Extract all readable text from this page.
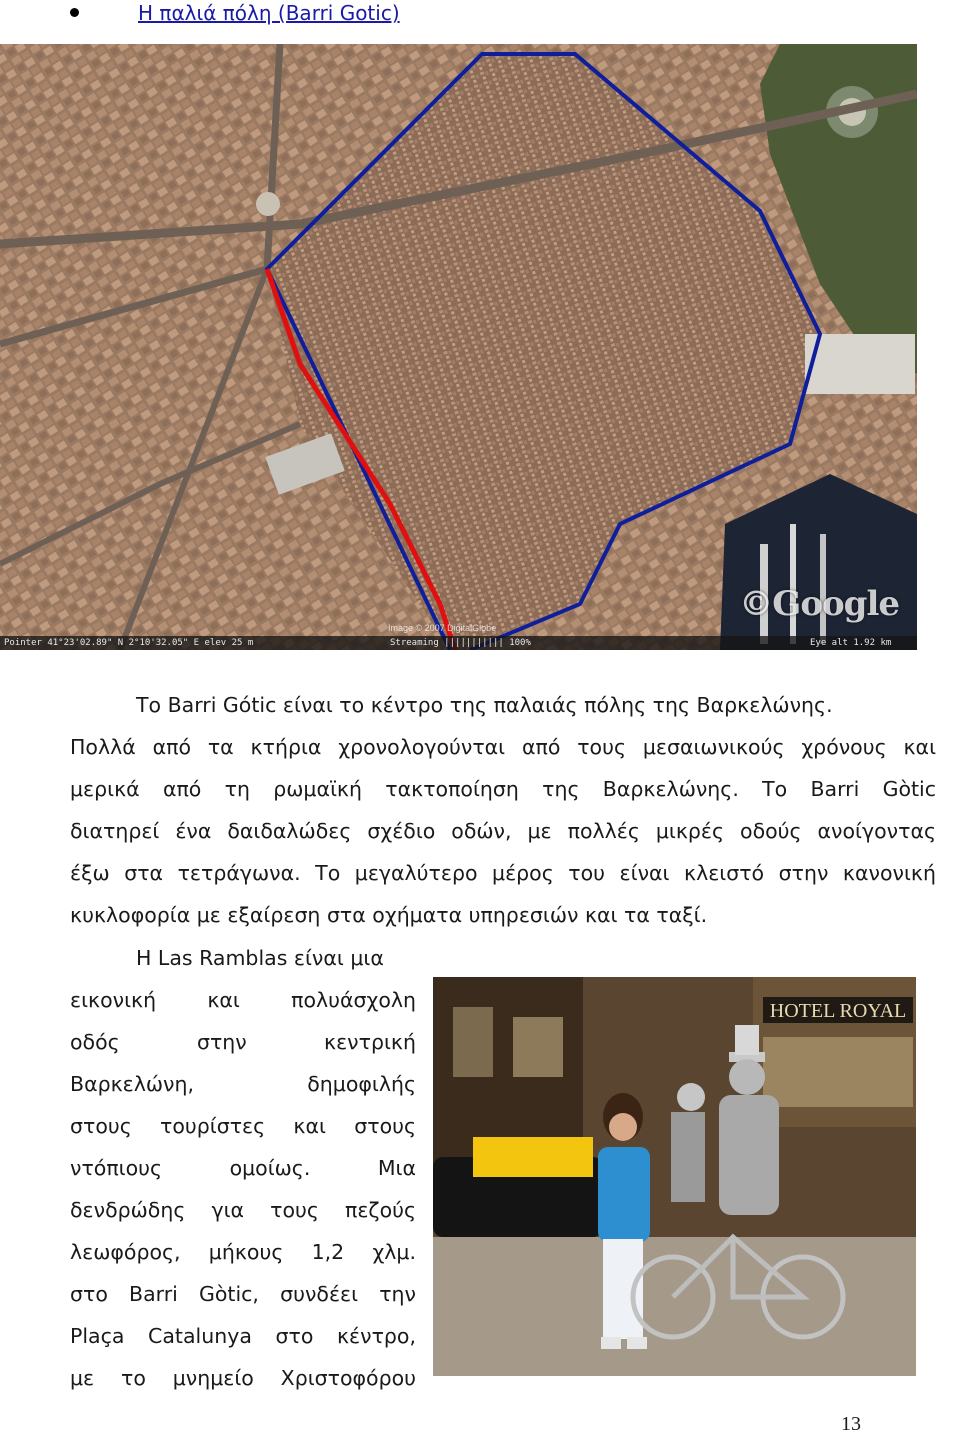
Η παλιά πόλη (Barri Gotic)
Image © 2007 DigitalGlobe
©Google
Pointer 41°23'02.89" N 2°10'32.05" E elev 25 m	Streaming ||||||||||| 100%	Eye alt 1.92 km
Το Barri Gótic είναι το κέντρο της παλαιάς πόλης της Βαρκελώνης.
Πολλά από τα κτήρια χρονολογούνται από τους μεσαιωνικούς χρόνους και
μερικά από τη ρωμαϊκή τακτοποίηση της Βαρκελώνης. Το Barri Gòtic
διατηρεί ένα δαιδαλώδες σχέδιο οδών, με πολλές μικρές οδούς ανοίγοντας
έξω στα τετράγωνα. Το μεγαλύτερο μέρος του είναι κλειστό στην κανονική
κυκλοφορία με εξαίρεση στα οχήματα υπηρεσιών και τα ταξί.
Η Las Ramblas είναι μια
εικονική και πολυάσχολη
οδός στην κεντρική
Βαρκελώνη, δημοφιλής
στους τουρίστες και στους
ντόπιους ομοίως. Μια
δενδρώδης για τους πεζούς
λεωφόρος, μήκους 1,2 χλμ.
στο Barri Gòtic, συνδέει την
Plaça Catalunya στο κέντρο,
με το μνημείο Χριστοφόρου
HOTEL ROYAL
13
